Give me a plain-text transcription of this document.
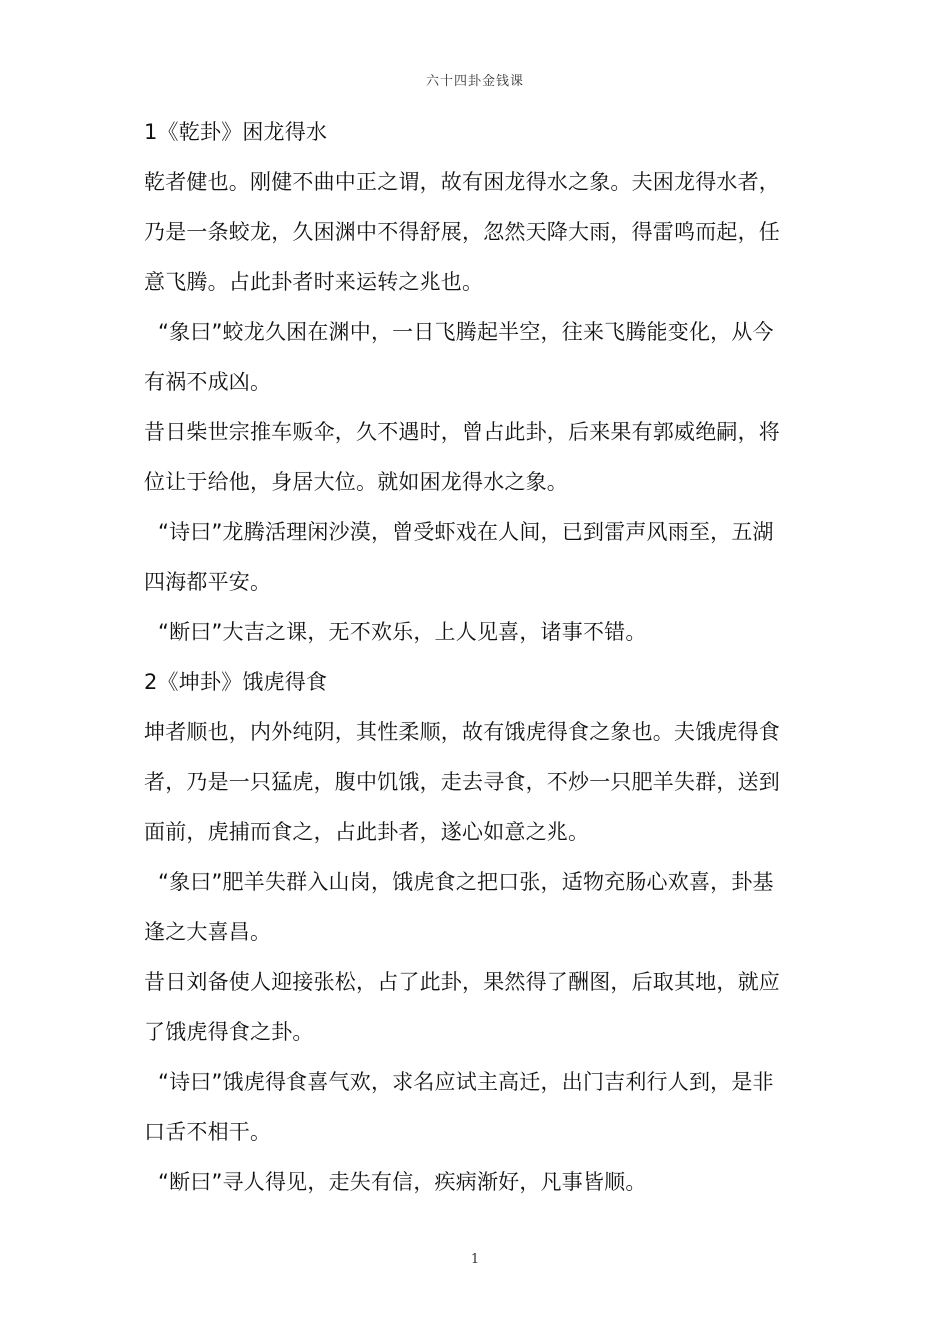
六十四卦金钱课
1《乾卦》困龙得水
乾者健也。刚健不曲中正之谓，故有困龙得水之象。夫困龙得水者，
乃是一条蛟龙，久困渊中不得舒展，忽然天降大雨，得雷鸣而起，任
意飞腾。占此卦者时来运转之兆也。
“象曰”蛟龙久困在渊中，一日飞腾起半空，往来飞腾能变化，从今
有祸不成凶。
昔日柴世宗推车贩伞，久不遇时，曾占此卦，后来果有郭威绝嗣，将
位让于给他，身居大位。就如困龙得水之象。
“诗曰”龙腾活理闲沙漠，曾受虾戏在人间，已到雷声风雨至，五湖
四海都平安。
“断曰”大吉之课，无不欢乐，上人见喜，诸事不错。
2《坤卦》饿虎得食
坤者顺也，内外纯阴，其性柔顺，故有饿虎得食之象也。夫饿虎得食
者，乃是一只猛虎，腹中饥饿，走去寻食，不炒一只肥羊失群，送到
面前，虎捕而食之，占此卦者，遂心如意之兆。
“象曰”肥羊失群入山岗，饿虎食之把口张，适物充肠心欢喜，卦基
逢之大喜昌。
昔日刘备使人迎接张松，占了此卦，果然得了酬图，后取其地，就应
了饿虎得食之卦。
“诗曰”饿虎得食喜气欢，求名应试主高迁，出门吉利行人到，是非
口舌不相干。
“断曰”寻人得见，走失有信，疾病渐好，凡事皆顺。
1
